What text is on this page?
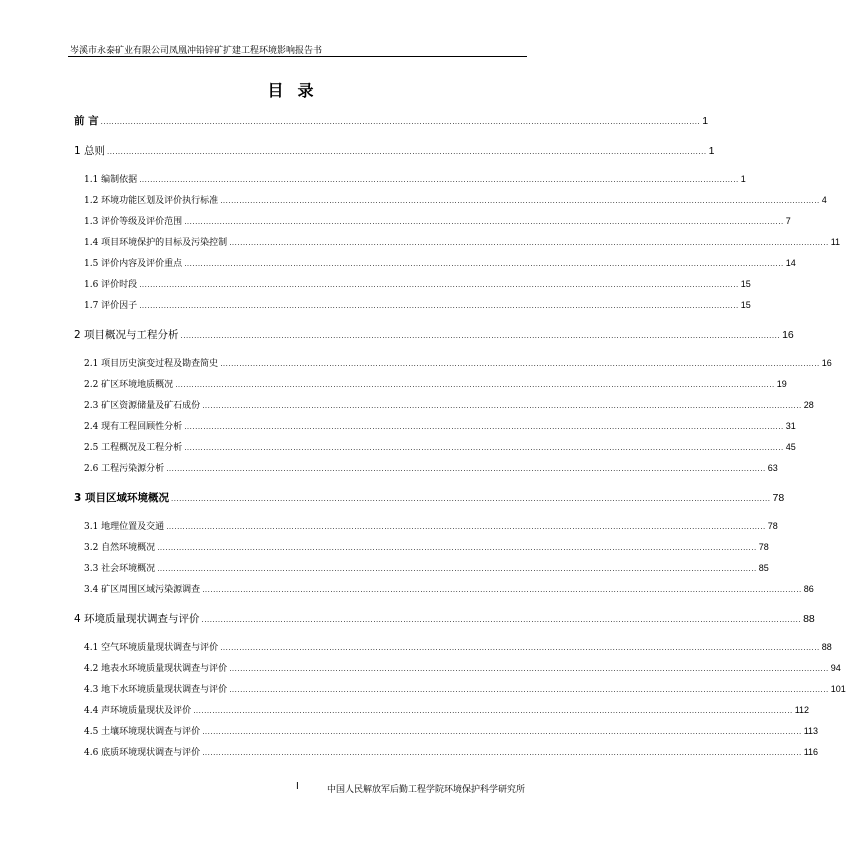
岑溪市永泰矿业有限公司凤凰冲铅锌矿扩建工程环境影响报告书
目录
前 言 ............................................................................................................................................................................................................................ 1
1 总则 ............................................................................................................................................................................................................................ 1
1.1 编制依据 ............................................................................................................................................................................................................................ 1
1.2 环境功能区划及评价执行标准 ............................................................................................................................................................................................................................ 4
1.3 评价等级及评价范围 ............................................................................................................................................................................................................................ 7
1.4 项目环境保护的目标及污染控制 ............................................................................................................................................................................................................................ 11
1.5 评价内容及评价重点 ............................................................................................................................................................................................................................ 14
1.6 评价时段 ............................................................................................................................................................................................................................ 15
1.7 评价因子 ............................................................................................................................................................................................................................ 15
2 项目概况与工程分析 ............................................................................................................................................................................................................................ 16
2.1 项目历史演变过程及勘查简史 ............................................................................................................................................................................................................................ 16
2.2 矿区环境地质概况 ............................................................................................................................................................................................................................ 19
2.3 矿区资源储量及矿石成份 ............................................................................................................................................................................................................................ 28
2.4 现有工程回顾性分析 ............................................................................................................................................................................................................................ 31
2.5 工程概况及工程分析 ............................................................................................................................................................................................................................ 45
2.6 工程污染源分析 ............................................................................................................................................................................................................................ 63
3 项目区域环境概况 ............................................................................................................................................................................................................................ 78
3.1 地理位置及交通 ............................................................................................................................................................................................................................ 78
3.2 自然环境概况 ............................................................................................................................................................................................................................ 78
3.3 社会环境概况 ............................................................................................................................................................................................................................ 85
3.4 矿区周围区域污染源调查 ............................................................................................................................................................................................................................ 86
4 环境质量现状调查与评价 ............................................................................................................................................................................................................................ 88
4.1 空气环境质量现状调查与评价 ............................................................................................................................................................................................................................ 88
4.2 地表水环境质量现状调查与评价 ............................................................................................................................................................................................................................ 94
4.3 地下水环境质量现状调查与评价 ............................................................................................................................................................................................................................ 101
4.4 声环境质量现状及评价 ............................................................................................................................................................................................................................ 112
4.5 土壤环境现状调查与评价 ............................................................................................................................................................................................................................ 113
4.6 底质环境现状调查与评价 ............................................................................................................................................................................................................................ 116
I	中国人民解放军后勤工程学院环境保护科学研究所
